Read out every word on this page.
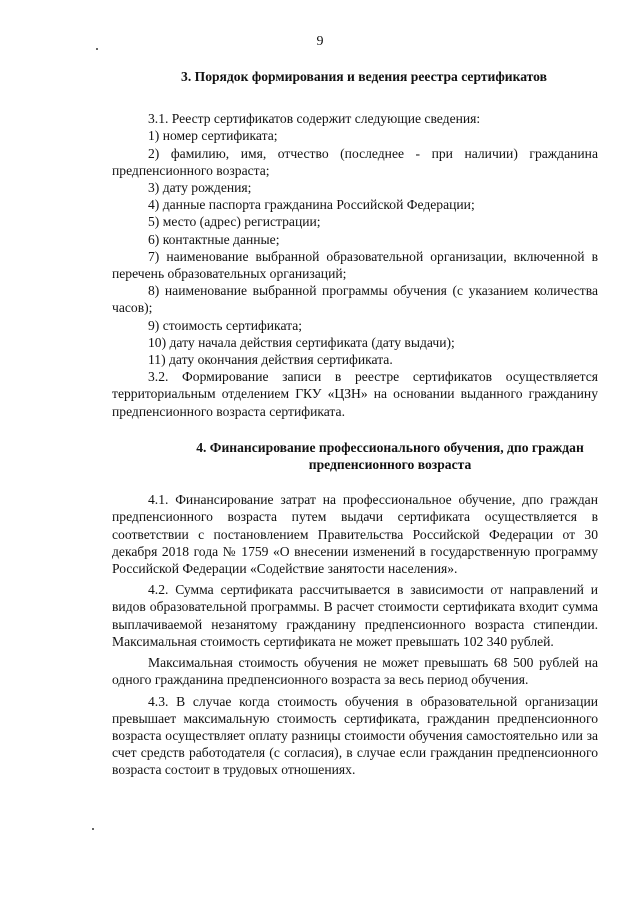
9

3. Порядок формирования и ведения реестра сертификатов

3.1. Реестр сертификатов содержит следующие сведения:

1) номер сертификата;

2) фамилию, имя, отчество (последнее - при наличии) гражданина предпенсионного возраста;

3) дату рождения;

4) данные паспорта гражданина Российской Федерации;

5) место (адрес) регистрации;

6) контактные данные;

7) наименование выбранной образовательной организации, включенной в перечень образовательных организаций;

8) наименование выбранной программы обучения (с указанием количества часов);

9) стоимость сертификата;

10) дату начала действия сертификата (дату выдачи);

11) дату окончания действия сертификата.

3.2. Формирование записи в реестре сертификатов осуществляется территориальным отделением ГКУ «ЦЗН» на основании выданного гражданину предпенсионного возраста сертификата.

4. Финансирование профессионального обучения, дпо граждан
предпенсионного возраста

4.1. Финансирование затрат на профессиональное обучение, дпо граждан предпенсионного возраста путем выдачи сертификата осуществляется в соответствии с постановлением Правительства Российской Федерации от 30 декабря 2018 года № 1759 «О внесении изменений в государственную программу Российской Федерации «Содействие занятости населения».

4.2. Сумма сертификата рассчитывается в зависимости от направлений и видов образовательной программы. В расчет стоимости сертификата входит сумма выплачиваемой незанятому гражданину предпенсионного возраста стипендии. Максимальная стоимость сертификата не может превышать 102 340 рублей.

Максимальная стоимость обучения не может превышать 68 500 рублей на одного гражданина предпенсионного возраста за весь период обучения.

4.3. В случае когда стоимость обучения в образовательной организации превышает максимальную стоимость сертификата, гражданин предпенсионного возраста осуществляет оплату разницы стоимости обучения самостоятельно или за счет средств работодателя (с согласия), в случае если гражданин предпенсионного возраста состоит в трудовых отношениях.
